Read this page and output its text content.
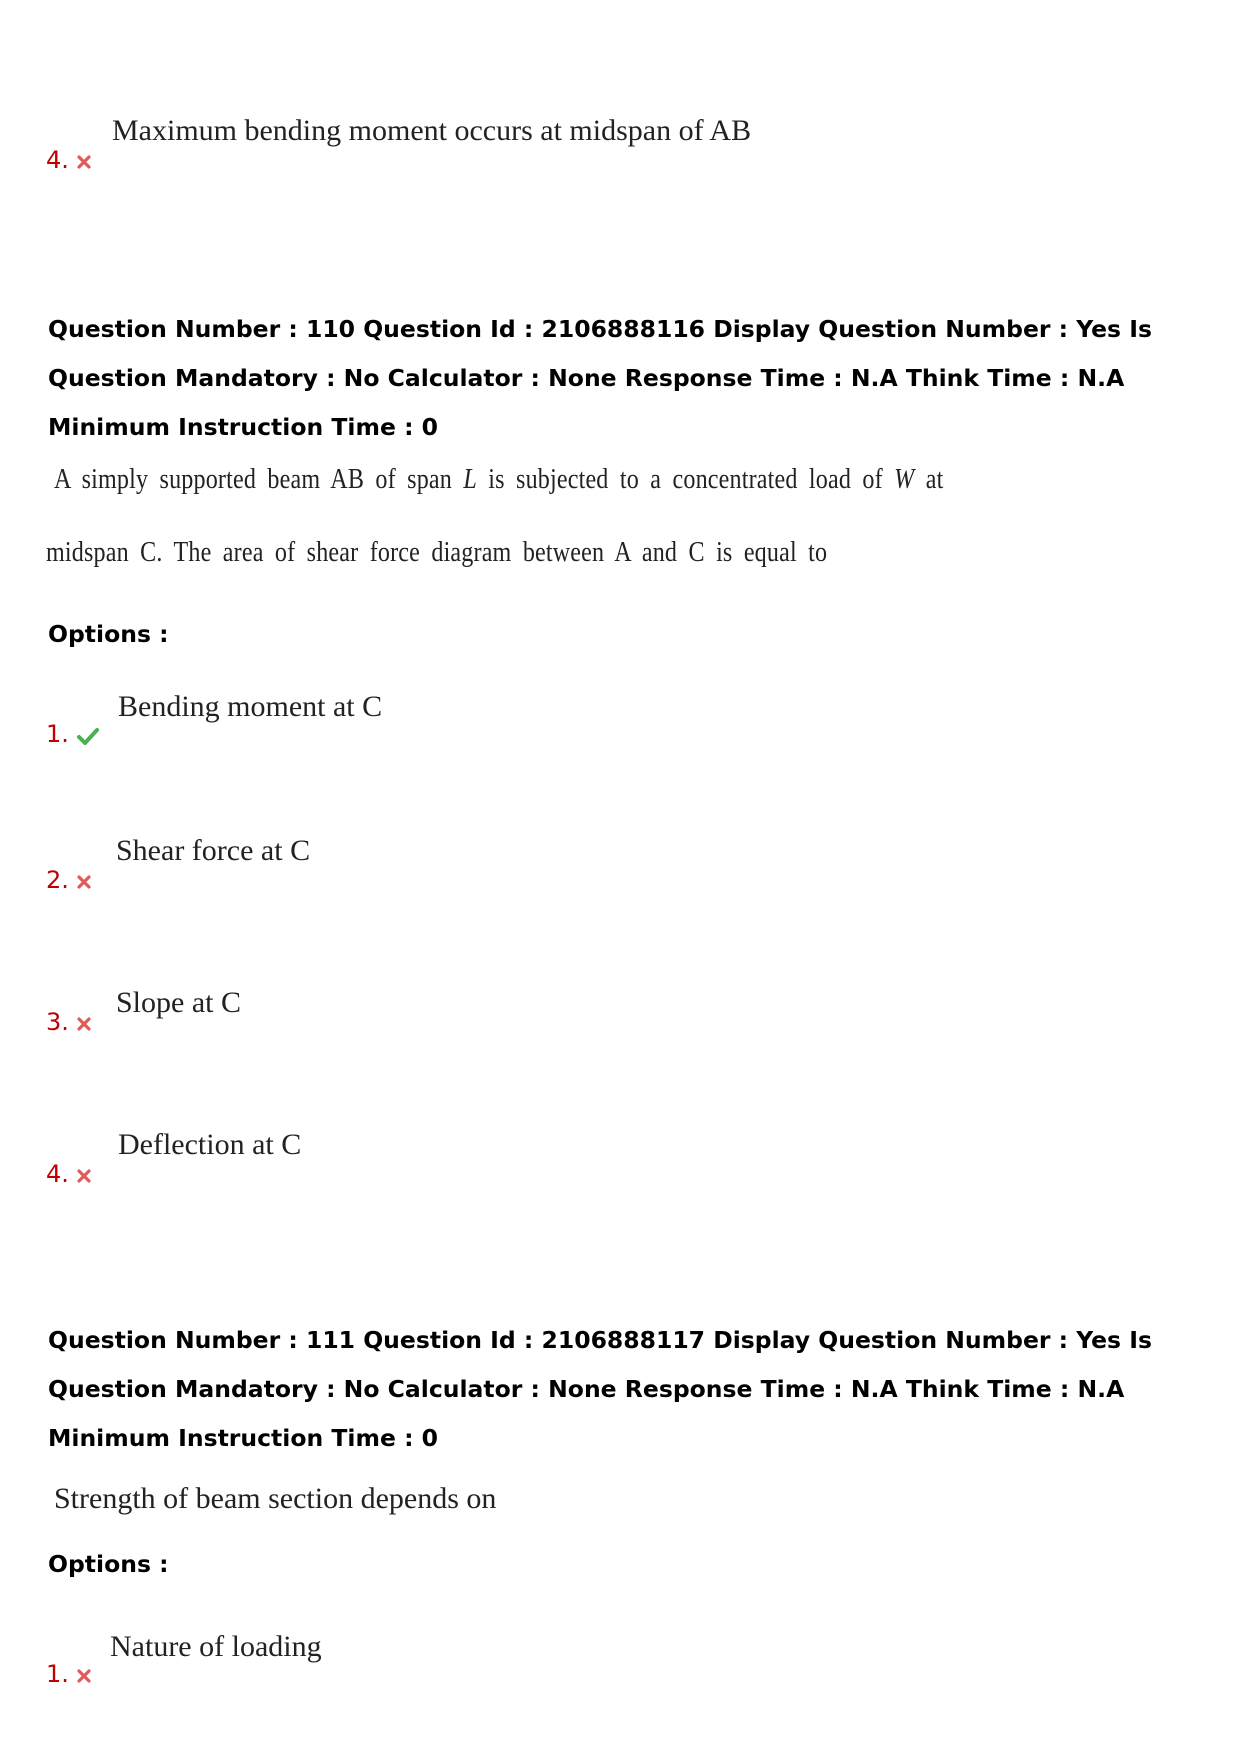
Maximum bending moment occurs at midspan of AB
4.
Question Number : 110 Question Id : 2106888116 Display Question Number : Yes Is Question Mandatory : No Calculator : None Response Time : N.A Think Time : N.A Minimum Instruction Time : 0
A simply supported beam AB of span L is subjected to a concentrated load of W at
midspan C. The area of shear force diagram between A and C is equal to
Options :
Bending moment at C
1.
Shear force at C
2.
Slope at C
3.
Deflection at C
4.
Question Number : 111 Question Id : 2106888117 Display Question Number : Yes Is Question Mandatory : No Calculator : None Response Time : N.A Think Time : N.A Minimum Instruction Time : 0
Strength of beam section depends on
Options :
Nature of loading
1.
